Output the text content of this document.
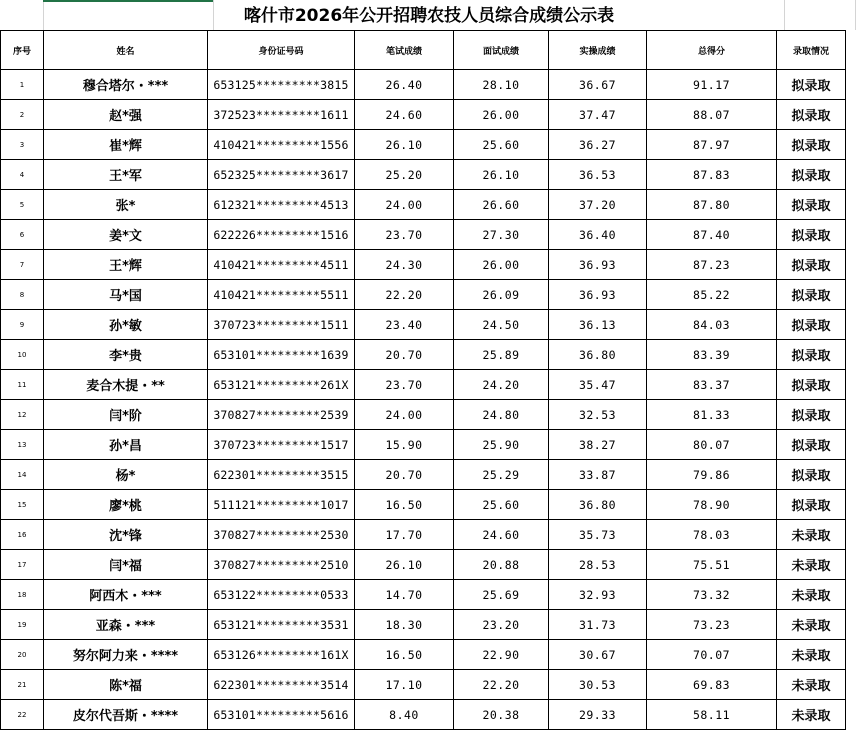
喀什市2026年公开招聘农技人员综合成绩公示表
序号	姓名	身份证号码	笔试成绩	面试成绩	实操成绩	总得分	录取情况
1	穆合塔尔・***	653125*********3815	26.40	28.10	36.67	91.17	拟录取
2	赵*强	372523*********1611	24.60	26.00	37.47	88.07	拟录取
3	崔*辉	410421*********1556	26.10	25.60	36.27	87.97	拟录取
4	王*军	652325*********3617	25.20	26.10	36.53	87.83	拟录取
5	张*	612321*********4513	24.00	26.60	37.20	87.80	拟录取
6	姜*文	622226*********1516	23.70	27.30	36.40	87.40	拟录取
7	王*辉	410421*********4511	24.30	26.00	36.93	87.23	拟录取
8	马*国	410421*********5511	22.20	26.09	36.93	85.22	拟录取
9	孙*敏	370723*********1511	23.40	24.50	36.13	84.03	拟录取
10	李*贵	653101*********1639	20.70	25.89	36.80	83.39	拟录取
11	麦合木提・**	653121*********261X	23.70	24.20	35.47	83.37	拟录取
12	闫*阶	370827*********2539	24.00	24.80	32.53	81.33	拟录取
13	孙*昌	370723*********1517	15.90	25.90	38.27	80.07	拟录取
14	杨*	622301*********3515	20.70	25.29	33.87	79.86	拟录取
15	廖*桃	511121*********1017	16.50	25.60	36.80	78.90	拟录取
16	沈*锋	370827*********2530	17.70	24.60	35.73	78.03	未录取
17	闫*福	370827*********2510	26.10	20.88	28.53	75.51	未录取
18	阿西木・***	653122*********0533	14.70	25.69	32.93	73.32	未录取
19	亚森・***	653121*********3531	18.30	23.20	31.73	73.23	未录取
20	努尔阿力来・****	653126*********161X	16.50	22.90	30.67	70.07	未录取
21	陈*福	622301*********3514	17.10	22.20	30.53	69.83	未录取
22	皮尔代吾斯・****	653101*********5616	8.40	20.38	29.33	58.11	未录取
